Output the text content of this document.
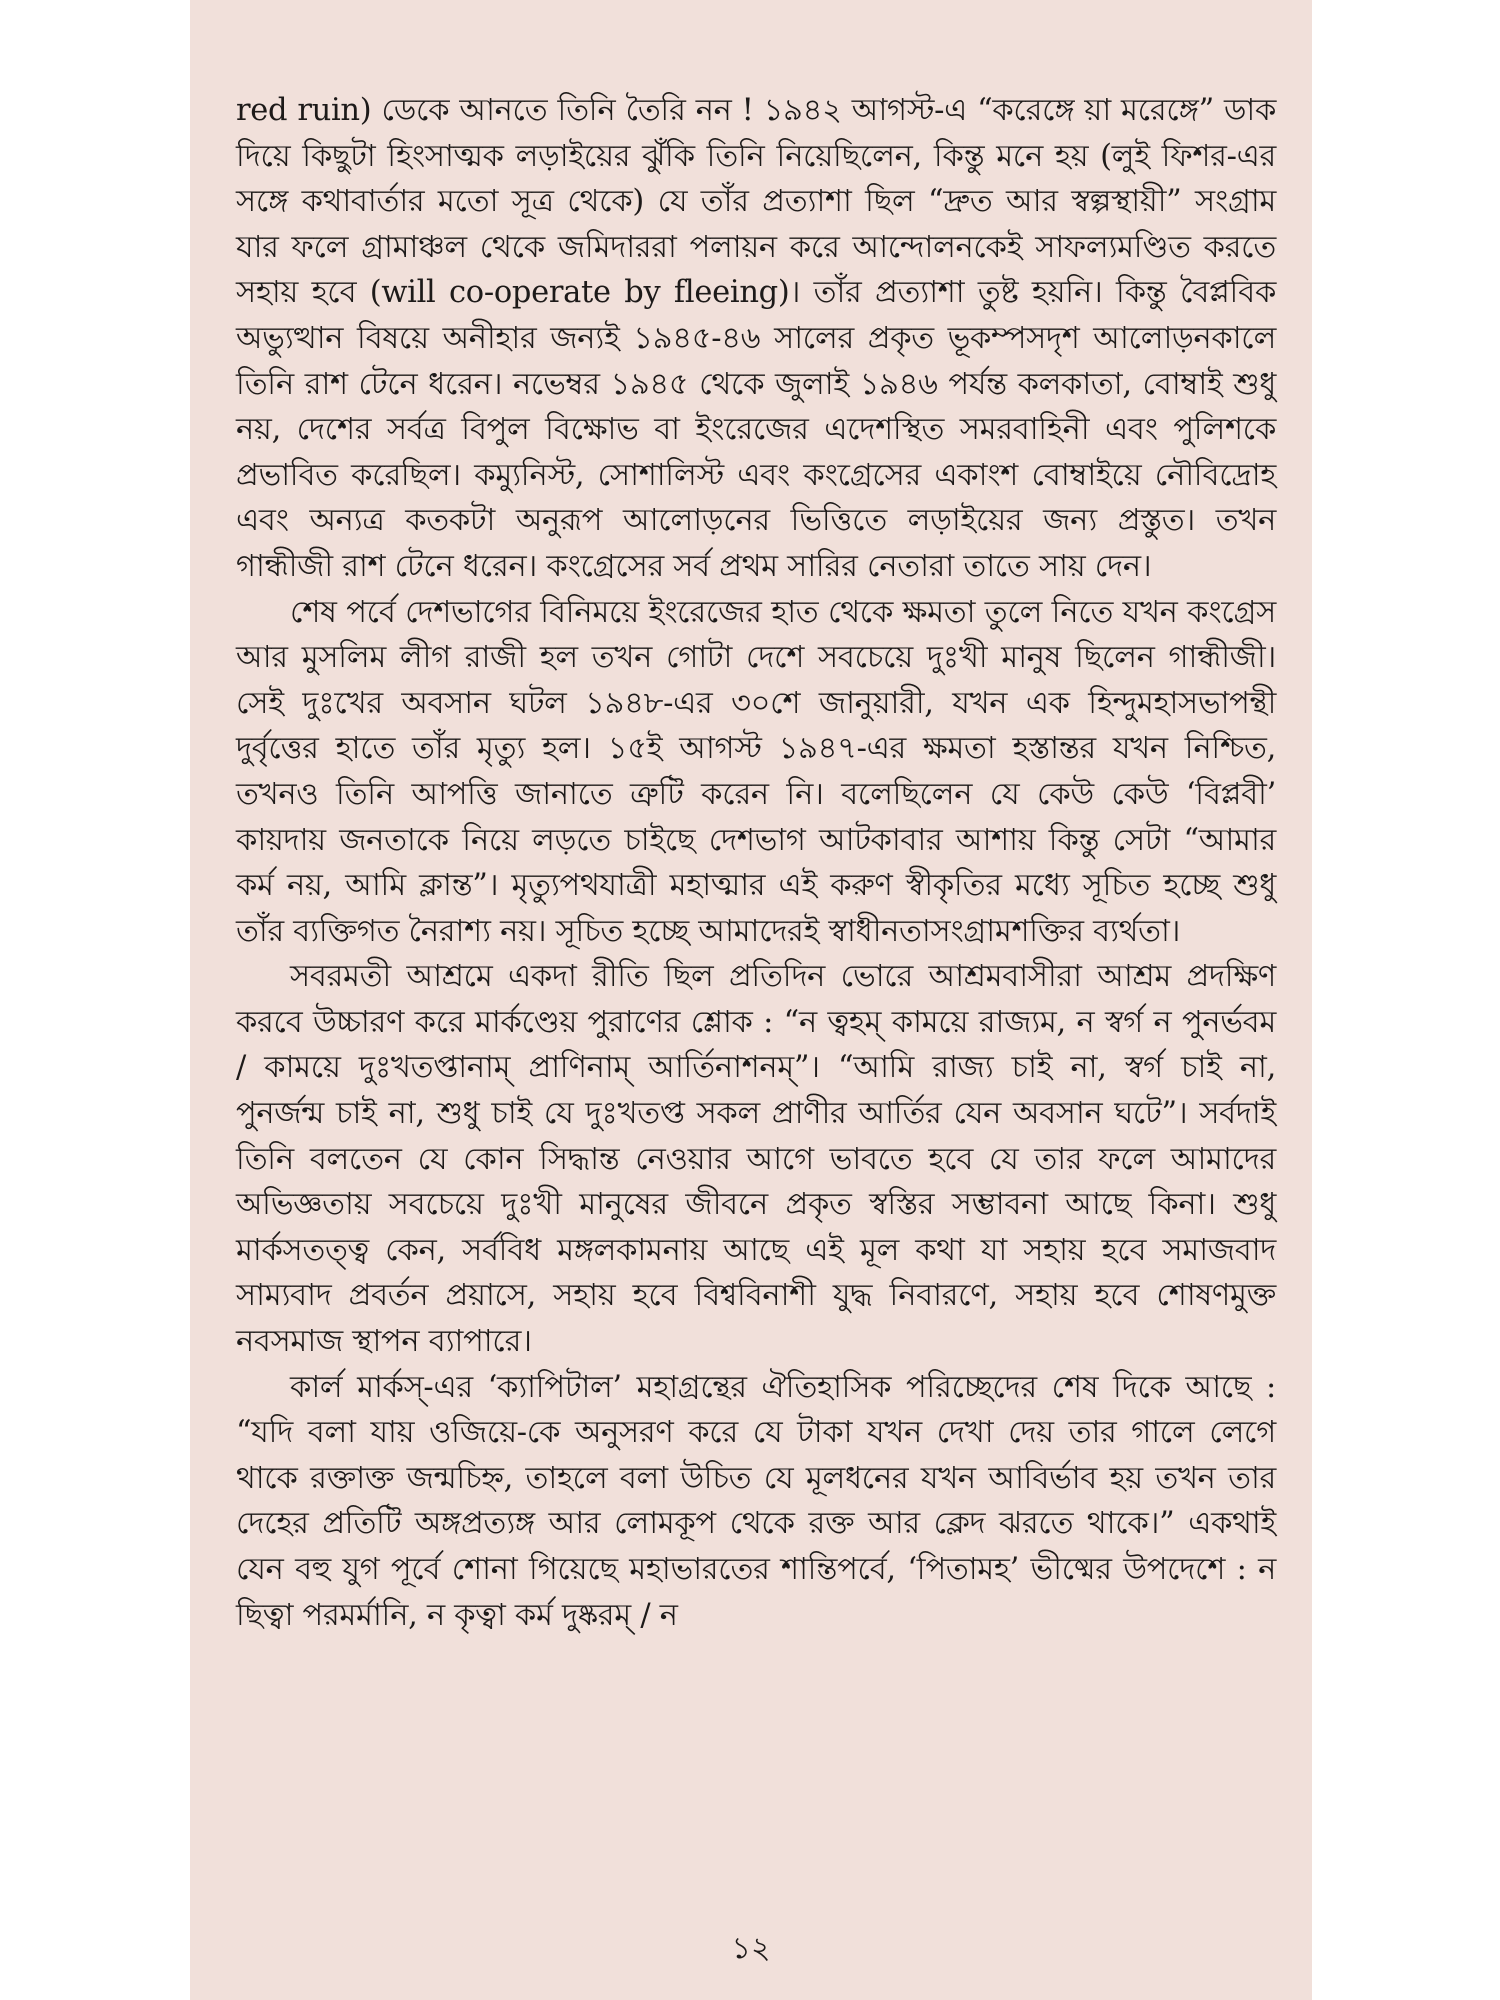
red ruin) ডেকে আনতে তিনি তৈরি নন ! ১৯৪২ আগস্ট-এ “করেঙ্গে য়া মরেঙ্গে” ডাক দিয়ে কিছুটা হিংসাত্মক লড়াইয়ের ঝুঁকি তিনি নিয়েছিলেন, কিন্তু মনে হয় (লুই ফিশর-এর সঙ্গে কথাবার্তার মতো সূত্র থেকে) যে তাঁর প্রত্যাশা ছিল “দ্রুত আর স্বল্পস্থায়ী” সংগ্রাম যার ফলে গ্রামাঞ্চল থেকে জমিদাররা পলায়ন করে আন্দোলনকেই সাফল্যমণ্ডিত করতে সহায় হবে (will co-operate by fleeing)। তাঁর প্রত্যাশা তুষ্ট হয়নি। কিন্তু বৈপ্লবিক অভ্যুত্থান বিষয়ে অনীহার জন্যই ১৯৪৫-৪৬ সালের প্রকৃত ভূকম্পসদৃশ আলোড়নকালে তিনি রাশ টেনে ধরেন। নভেম্বর ১৯৪৫ থেকে জুলাই ১৯৪৬ পর্যন্ত কলকাতা, বোম্বাই শুধু নয়, দেশের সর্বত্র বিপুল বিক্ষোভ বা ইংরেজের এদেশস্থিত সমরবাহিনী এবং পুলিশকে প্রভাবিত করেছিল। কম্যুনিস্ট, সোশালিস্ট এবং কংগ্রেসের একাংশ বোম্বাইয়ে নৌবিদ্রোহ এবং অন্যত্র কতকটা অনুরূপ আলোড়নের ভিত্তিতে লড়াইয়ের জন্য প্রস্তুত। তখন গান্ধীজী রাশ টেনে ধরেন। কংগ্রেসের সর্ব প্রথম সারির নেতারা তাতে সায় দেন।

শেষ পর্বে দেশভাগের বিনিময়ে ইংরেজের হাত থেকে ক্ষমতা তুলে নিতে যখন কংগ্রেস আর মুসলিম লীগ রাজী হল তখন গোটা দেশে সবচেয়ে দুঃখী মানুষ ছিলেন গান্ধীজী। সেই দুঃখের অবসান ঘটল ১৯৪৮-এর ৩০শে জানুয়ারী, যখন এক হিন্দুমহাসভাপন্থী দুর্বৃত্তের হাতে তাঁর মৃত্যু হল। ১৫ই আগস্ট ১৯৪৭-এর ক্ষমতা হস্তান্তর যখন নিশ্চিত, তখনও তিনি আপত্তি জানাতে ত্রুটি করেন নি। বলেছিলেন যে কেউ কেউ ‘বিপ্লবী’ কায়দায় জনতাকে নিয়ে লড়তে চাইছে দেশভাগ আটকাবার আশায় কিন্তু সেটা “আমার কর্ম নয়, আমি ক্লান্ত”। মৃত্যুপথযাত্রী মহাত্মার এই করুণ স্বীকৃতির মধ্যে সূচিত হচ্ছে শুধু তাঁর ব্যক্তিগত নৈরাশ্য নয়। সূচিত হচ্ছে আমাদেরই স্বাধীনতাসংগ্রামশক্তির ব্যর্থতা।

সবরমতী আশ্রমে একদা রীতি ছিল প্রতিদিন ভোরে আশ্রমবাসীরা আশ্রম প্রদক্ষিণ করবে উচ্চারণ করে মার্কণ্ডেয় পুরাণের শ্লোক : “ন ত্বহম্ কাময়ে রাজ্যম, ন স্বর্গ ন পুনর্ভবম / কাময়ে দুঃখতপ্তানাম্ প্রাণিনাম্ আর্তিনাশনম্”। “আমি রাজ্য চাই না, স্বর্গ চাই না, পুনর্জন্ম চাই না, শুধু চাই যে দুঃখতপ্ত সকল প্রাণীর আর্তির যেন অবসান ঘটে”। সর্বদাই তিনি বলতেন যে কোন সিদ্ধান্ত নেওয়ার আগে ভাবতে হবে যে তার ফলে আমাদের অভিজ্ঞতায় সবচেয়ে দুঃখী মানুষের জীবনে প্রকৃত স্বস্তির সম্ভাবনা আছে কিনা। শুধু মার্কসতত্ত্ব কেন, সর্ববিধ মঙ্গলকামনায় আছে এই মূল কথা যা সহায় হবে সমাজবাদ সাম্যবাদ প্রবর্তন প্রয়াসে, সহায় হবে বিশ্ববিনাশী যুদ্ধ নিবারণে, সহায় হবে শোষণমুক্ত নবসমাজ স্থাপন ব্যাপারে।

কার্ল মার্কস্-এর ‘ক্যাপিটাল’ মহাগ্রন্থের ঐতিহাসিক পরিচ্ছেদের শেষ দিকে আছে : “যদি বলা যায় ওজিয়ে-কে অনুসরণ করে যে টাকা যখন দেখা দেয় তার গালে লেগে থাকে রক্তাক্ত জন্মচিহ্ন, তাহলে বলা উচিত যে মূলধনের যখন আবির্ভাব হয় তখন তার দেহের প্রতিটি অঙ্গপ্রত্যঙ্গ আর লোমকূপ থেকে রক্ত আর ক্লেদ ঝরতে থাকে।” একথাই যেন বহু যুগ পূর্বে শোনা গিয়েছে মহাভারতের শান্তিপর্বে, ‘পিতামহ’ ভীষ্মের উপদেশে : ন ছিত্বা পরমর্মানি, ন কৃত্বা কর্ম দুষ্করম্ / ন

১২
